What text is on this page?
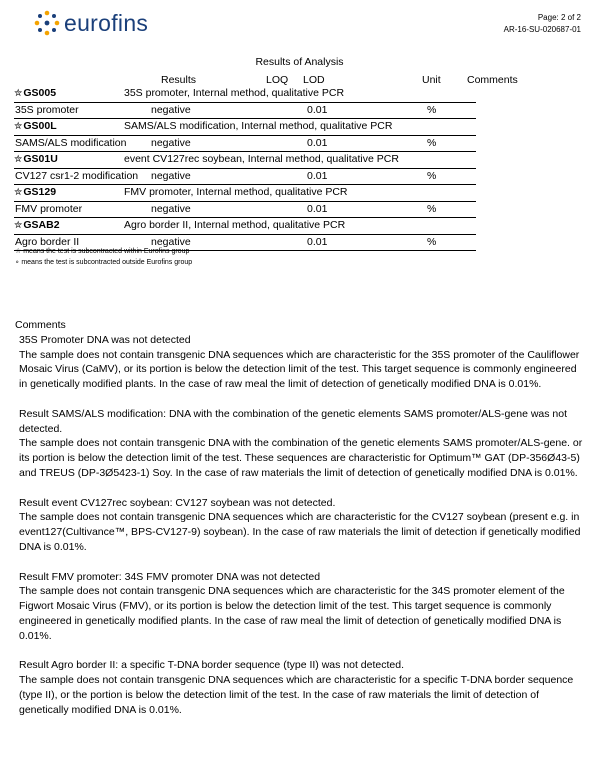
eurofins	Page: 2 of 2
AR-16-SU-020687-01
Results of Analysis
Results	LOQ LOD	Unit	Comments
✮GS005	35S promoter, Internal method, qualitative PCR
35S promoter	negative	0.01	%
✮GS00L	SAMS/ALS modification, Internal method, qualitative PCR
SAMS/ALS modification negative	0.01	%
✮GS01U	event CV127rec soybean, Internal method, qualitative PCR
CV127 csr1-2 modification negative	0.01	%
✮GS129	FMV promoter, Internal method, qualitative PCR
FMV promoter	negative	0.01	%
✮GSAB2	Agro border II, Internal method, qualitative PCR
Agro border II	negative	0.01	%
☆ means the test is subcontracted within Eurofins group
∘ means the test is subcontracted outside Eurofins group
Comments

35S Promoter DNA was not detected
The sample does not contain transgenic DNA sequences which are characteristic for the 35S promoter of the Cauliflower Mosaic Virus (CaMV), or its portion is below the detection limit of the test. This target sequence is commonly engineered in genetically modified plants. In the case of raw meal the limit of detection of genetically modified DNA is 0.01%.

Result SAMS/ALS modification: DNA with the combination of the genetic elements SAMS promoter/ALS-gene was not detected.
The sample does not contain transgenic DNA with the combination of the genetic elements SAMS promoter/ALS-gene. or its portion is below the detection limit of the test. These sequences are characteristic for Optimum™ GAT (DP-356Ø43-5) and TREUS (DP-3Ø5423-1) Soy. In the case of raw materials the limit of detection of genetically modified DNA is 0.01%.

Result event CV127rec soybean: CV127 soybean was not detected.
The sample does not contain transgenic DNA sequences which are characteristic for the CV127 soybean (present e.g. in event127(Cultivance™, BPS-CV127-9) soybean). In the case of raw materials the limit of detection if genetically modified DNA is 0.01%.

Result FMV promoter: 34S FMV promoter DNA was not detected
The sample does not contain transgenic DNA sequences which are characteristic for the 34S promoter element of the Figwort Mosaic Virus (FMV), or its portion is below the detection limit of the test. This target sequence is commonly engineered in genetically modified plants. In the case of raw meal the limit of detection of genetically modified DNA is 0.01%.

Result Agro border II: a specific T-DNA border sequence (type II) was not detected.
The sample does not contain transgenic DNA sequences which are characteristic for a specific T-DNA border sequence (type II), or the portion is below the detection limit of the test. In the case of raw materials the limit of detection of genetically modified DNA is 0.01%.
